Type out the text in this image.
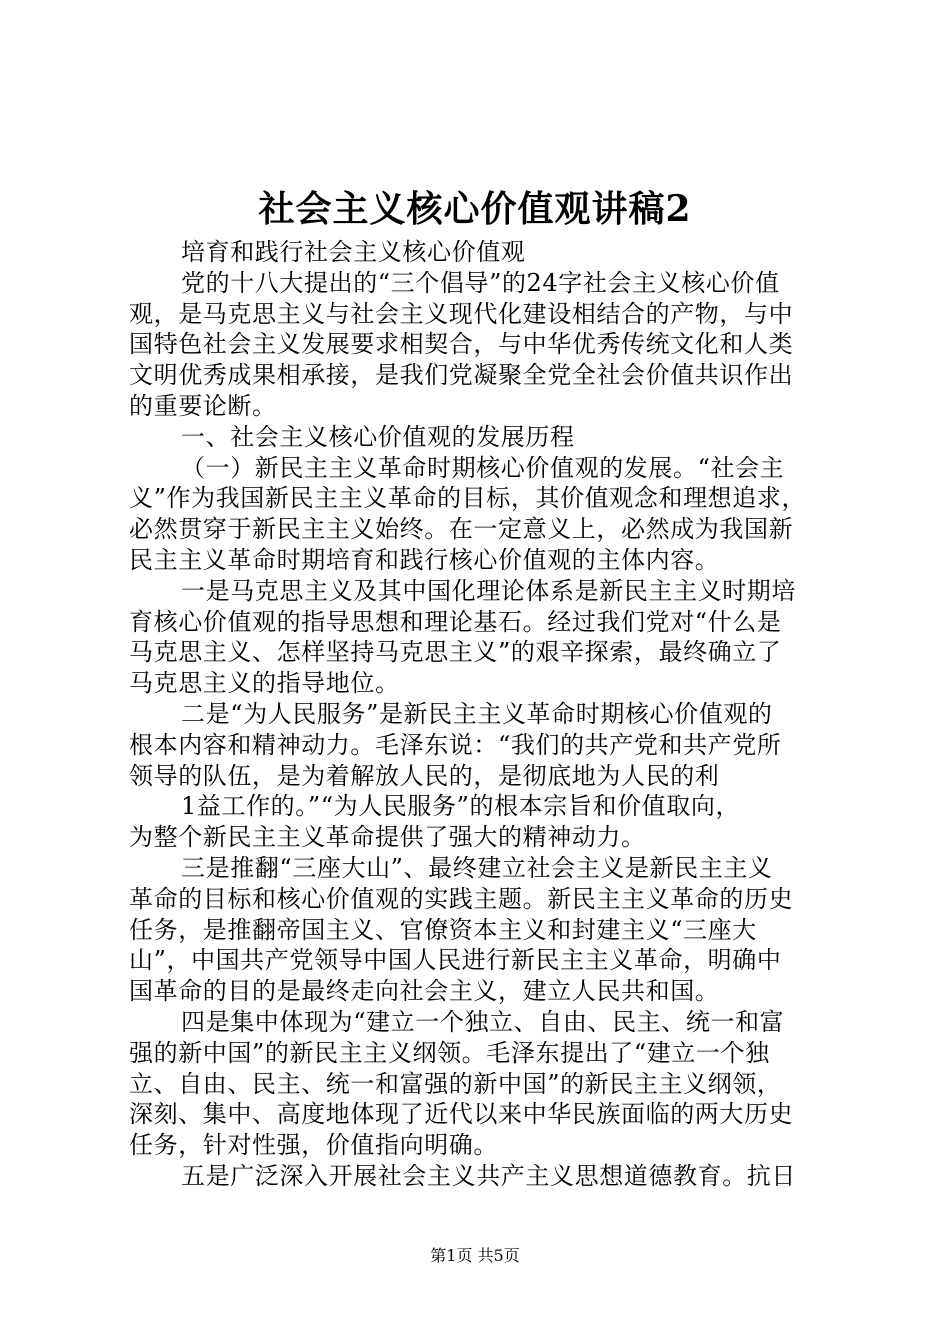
社会主义核心价值观讲稿2
培育和践行社会主义核心价值观
党的十八大提出的“三个倡导”的24字社会主义核心价值
观，是马克思主义与社会主义现代化建设相结合的产物，与中
国特色社会主义发展要求相契合，与中华优秀传统文化和人类
文明优秀成果相承接，是我们党凝聚全党全社会价值共识作出
的重要论断。
一、社会主义核心价值观的发展历程
（一）新民主主义革命时期核心价值观的发展。“社会主
义”作为我国新民主主义革命的目标，其价值观念和理想追求，
必然贯穿于新民主主义始终。在一定意义上，必然成为我国新
民主主义革命时期培育和践行核心价值观的主体内容。
一是马克思主义及其中国化理论体系是新民主主义时期培
育核心价值观的指导思想和理论基石。经过我们党对“什么是
马克思主义、怎样坚持马克思主义”的艰辛探索，最终确立了
马克思主义的指导地位。
二是“为人民服务”是新民主主义革命时期核心价值观的
根本内容和精神动力。毛泽东说：“我们的共产党和共产党所
领导的队伍，是为着解放人民的，是彻底地为人民的利
1益工作的。”“为人民服务”的根本宗旨和价值取向，
为整个新民主主义革命提供了强大的精神动力。
三是推翻“三座大山”、最终建立社会主义是新民主主义
革命的目标和核心价值观的实践主题。新民主主义革命的历史
任务，是推翻帝国主义、官僚资本主义和封建主义“三座大
山”，中国共产党领导中国人民进行新民主主义革命，明确中
国革命的目的是最终走向社会主义，建立人民共和国。
四是集中体现为“建立一个独立、自由、民主、统一和富
强的新中国”的新民主主义纲领。毛泽东提出了“建立一个独
立、自由、民主、统一和富强的新中国”的新民主主义纲领，
深刻、集中、高度地体现了近代以来中华民族面临的两大历史
任务，针对性强，价值指向明确。
五是广泛深入开展社会主义共产主义思想道德教育。抗日
第1页 共5页
